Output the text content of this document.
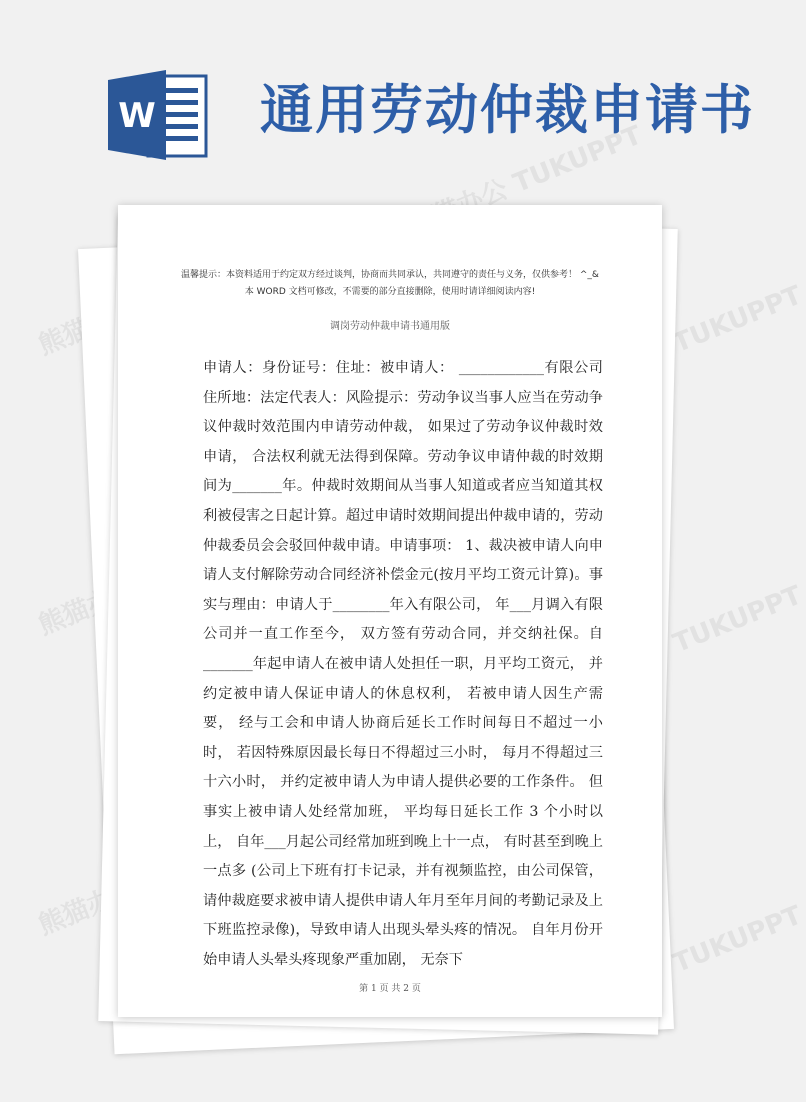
W 通用劳动仲裁申请书
熊猫办公 TUKUPPT
熊猫办公 TUKUPPT
熊猫办公	熊猫办公 TUKUPPT
熊猫办公	熊猫办公 TUKUPPT
温馨提示：本资料适用于约定双方经过谈判，协商而共同承认，共同遵守的责任与义务，仅供参考！ ^_&
本 WORD 文档可修改，不需要的部分直接删除，使用时请详细阅读内容!
调岗劳动仲裁申请书通用版

申请人：身份证号：住址：被申请人： ____________有限公司住所地：法定代表人：风险提示：劳动争议当事人应当在劳动争议仲裁时效范围内申请劳动仲裁， 如果过了劳动争议仲裁时效申请， 合法权利就无法得到保障。劳动争议申请仲裁的时效期间为_______年。仲裁时效期间从当事人知道或者应当知道其权利被侵害之日起计算。超过申请时效期间提出仲裁申请的，劳动仲裁委员会会驳回仲裁申请。申请事项： 1、裁决被申请人向申请人支付解除劳动合同经济补偿金元(按月平均工资元计算)。事实与理由：申请人于________年入有限公司， 年___月调入有限公司并一直工作至今， 双方签有劳动合同，并交纳社保。自_______年起申请人在被申请人处担任一职，月平均工资元， 并约定被申请人保证申请人的休息权利， 若被申请人因生产需要， 经与工会和申请人协商后延长工作时间每日不超过一小时， 若因特殊原因最长每日不得超过三小时， 每月不得超过三十六小时， 并约定被申请人为申请人提供必要的工作条件。 但事实上被申请人处经常加班， 平均每日延长工作 3 个小时以上， 自年___月起公司经常加班到晚上十一点， 有时甚至到晚上一点多 (公司上下班有打卡记录，并有视频监控，由公司保管，请仲裁庭要求被申请人提供申请人年月至年月间的考勤记录及上下班监控录像)，导致申请人出现头晕头疼的情况。 自年月份开始申请人头晕头疼现象严重加剧， 无奈下

第 1 页 共 2 页
